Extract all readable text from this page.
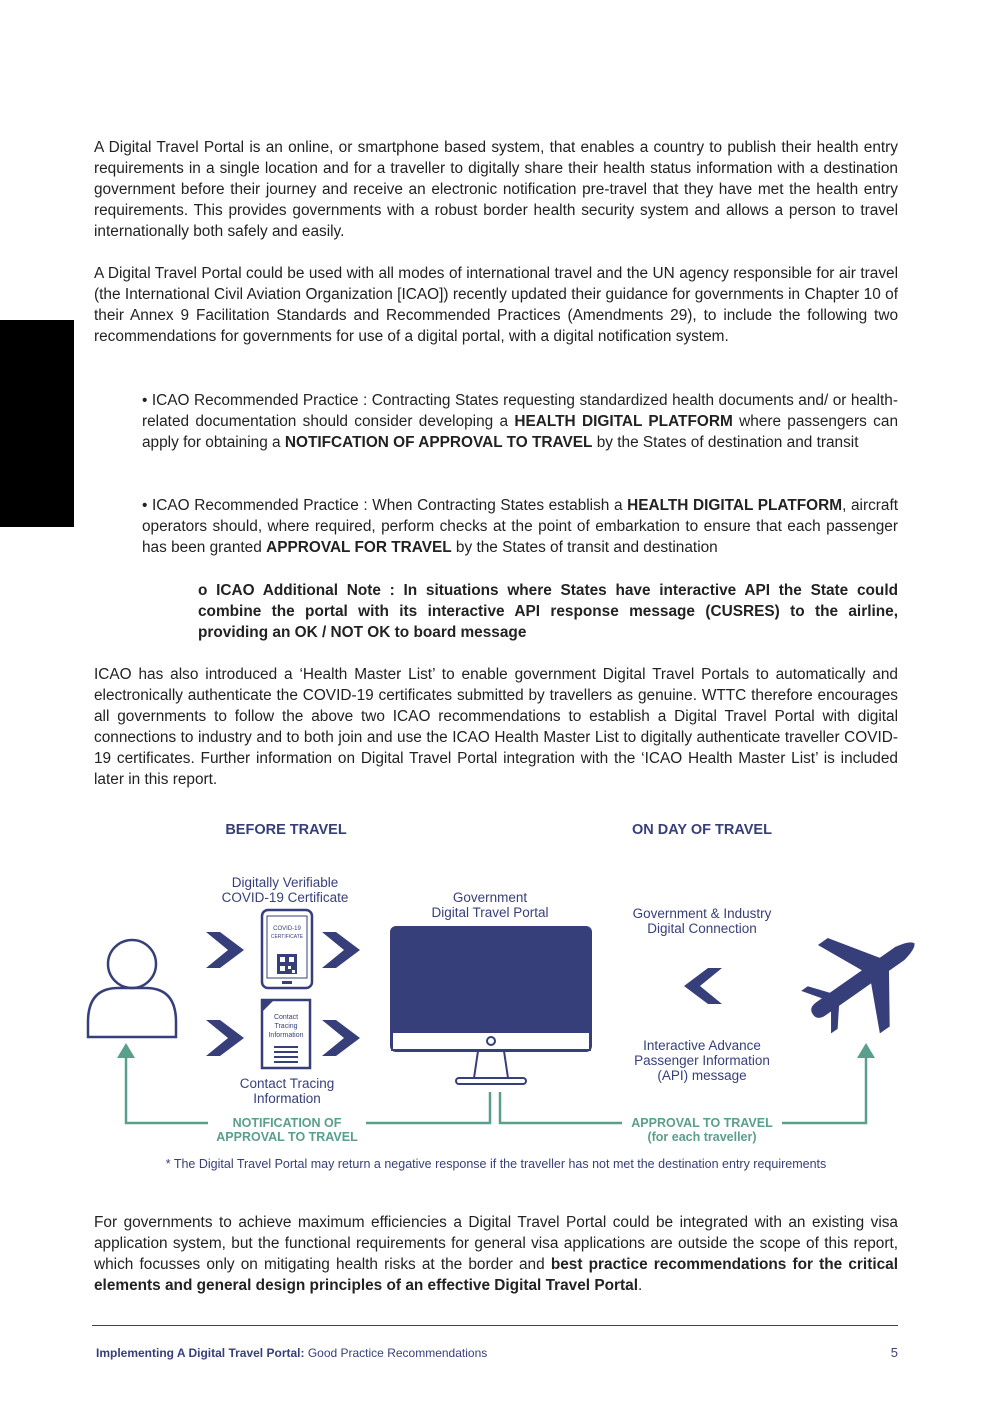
A Digital Travel Portal is an online, or smartphone based system, that enables a country to publish their health entry requirements in a single location and for a traveller to digitally share their health status information with a destination government before their journey and receive an electronic notification pre-travel that they have met the health entry requirements. This provides governments with a robust border health security system and allows a person to travel internationally both safely and easily.

A Digital Travel Portal could be used with all modes of international travel and the UN agency responsible for air travel (the International Civil Aviation Organization [ICAO]) recently updated their guidance for governments in Chapter 10 of their Annex 9 Facilitation Standards and Recommended Practices (Amendments 29), to include the following two recommendations for governments for use of a digital portal, with a digital notification system.

• ICAO Recommended Practice : Contracting States requesting standardized health documents and/ or health-related documentation should consider developing a HEALTH DIGITAL PLATFORM where passengers can apply for obtaining a NOTIFCATION OF APPROVAL TO TRAVEL by the States of destination and transit

• ICAO Recommended Practice : When Contracting States establish a HEALTH DIGITAL PLATFORM, aircraft operators should, where required, perform checks at the point of embarkation to ensure that each passenger has been granted APPROVAL FOR TRAVEL by the States of transit and destination

o ICAO Additional Note : In situations where States have interactive API the State could combine the portal with its interactive API response message (CUSRES) to the airline, providing an OK / NOT OK to board message

ICAO has also introduced a ‘Health Master List’ to enable government Digital Travel Portals to automatically and electronically authenticate the COVID-19 certificates submitted by travellers as genuine. WTTC therefore encourages all governments to follow the above two ICAO recommendations to establish a Digital Travel Portal with digital connections to industry and to both join and use the ICAO Health Master List to digitally authenticate traveller COVID-19 certificates. Further information on Digital Travel Portal integration with the ‘ICAO Health Master List’ is included later in this report.

BEFORE TRAVEL	ON DAY OF TRAVEL
Digitally Verifiable
COVID-19 Certificate	Government
Digital Travel Portal	Government & Industry
Digital Connection
Interactive Advance
Passenger Information
(API) message
Contact Tracing
Information
COVID-19
CERTIFICATE
Contact
Tracing
Information
NOTIFICATION OF
APPROVAL TO TRAVEL
APPROVAL TO TRAVEL
(for each traveller)
* The Digital Travel Portal may return a negative response if the traveller has not met the destination entry requirements

For governments to achieve maximum efficiencies a Digital Travel Portal could be integrated with an existing visa application system, but the functional requirements for general visa applications are outside the scope of this report, which focusses only on mitigating health risks at the border and best practice recommendations for the critical elements and general design principles of an effective Digital Travel Portal.

Implementing A Digital Travel Portal: Good Practice Recommendations	5
